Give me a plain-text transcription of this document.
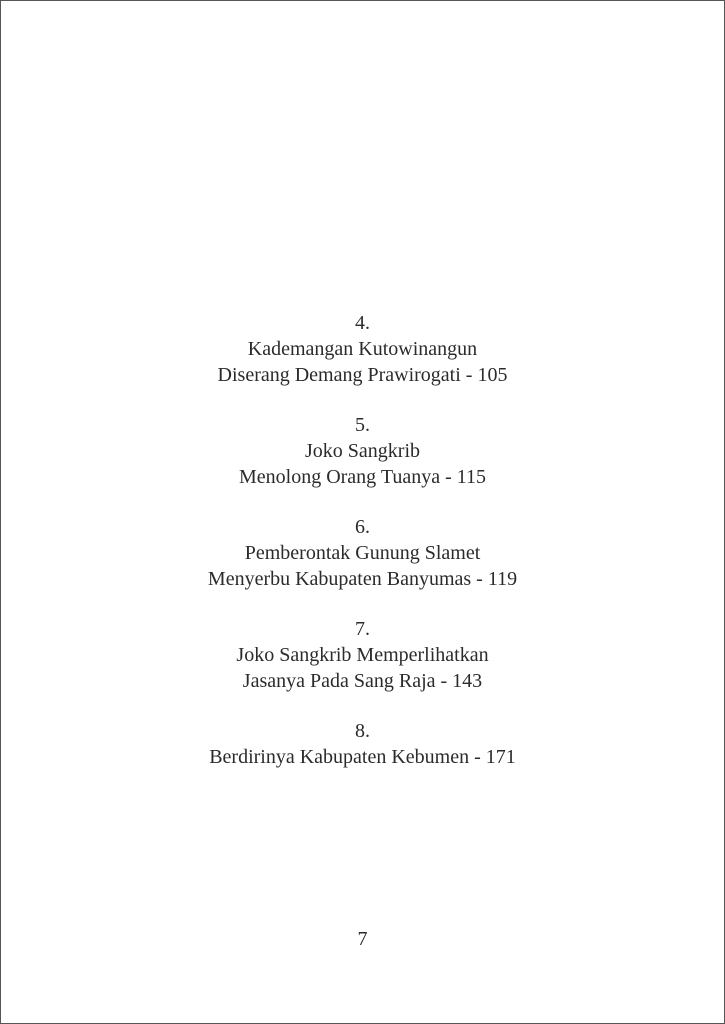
4.
Kademangan Kutowinangun
Diserang Demang Prawirogati - 105
5.
Joko Sangkrib
Menolong Orang Tuanya - 115
6.
Pemberontak Gunung Slamet
Menyerbu Kabupaten Banyumas - 119
7.
Joko Sangkrib Memperlihatkan
Jasanya Pada Sang Raja - 143
8.
Berdirinya Kabupaten Kebumen - 171
7
